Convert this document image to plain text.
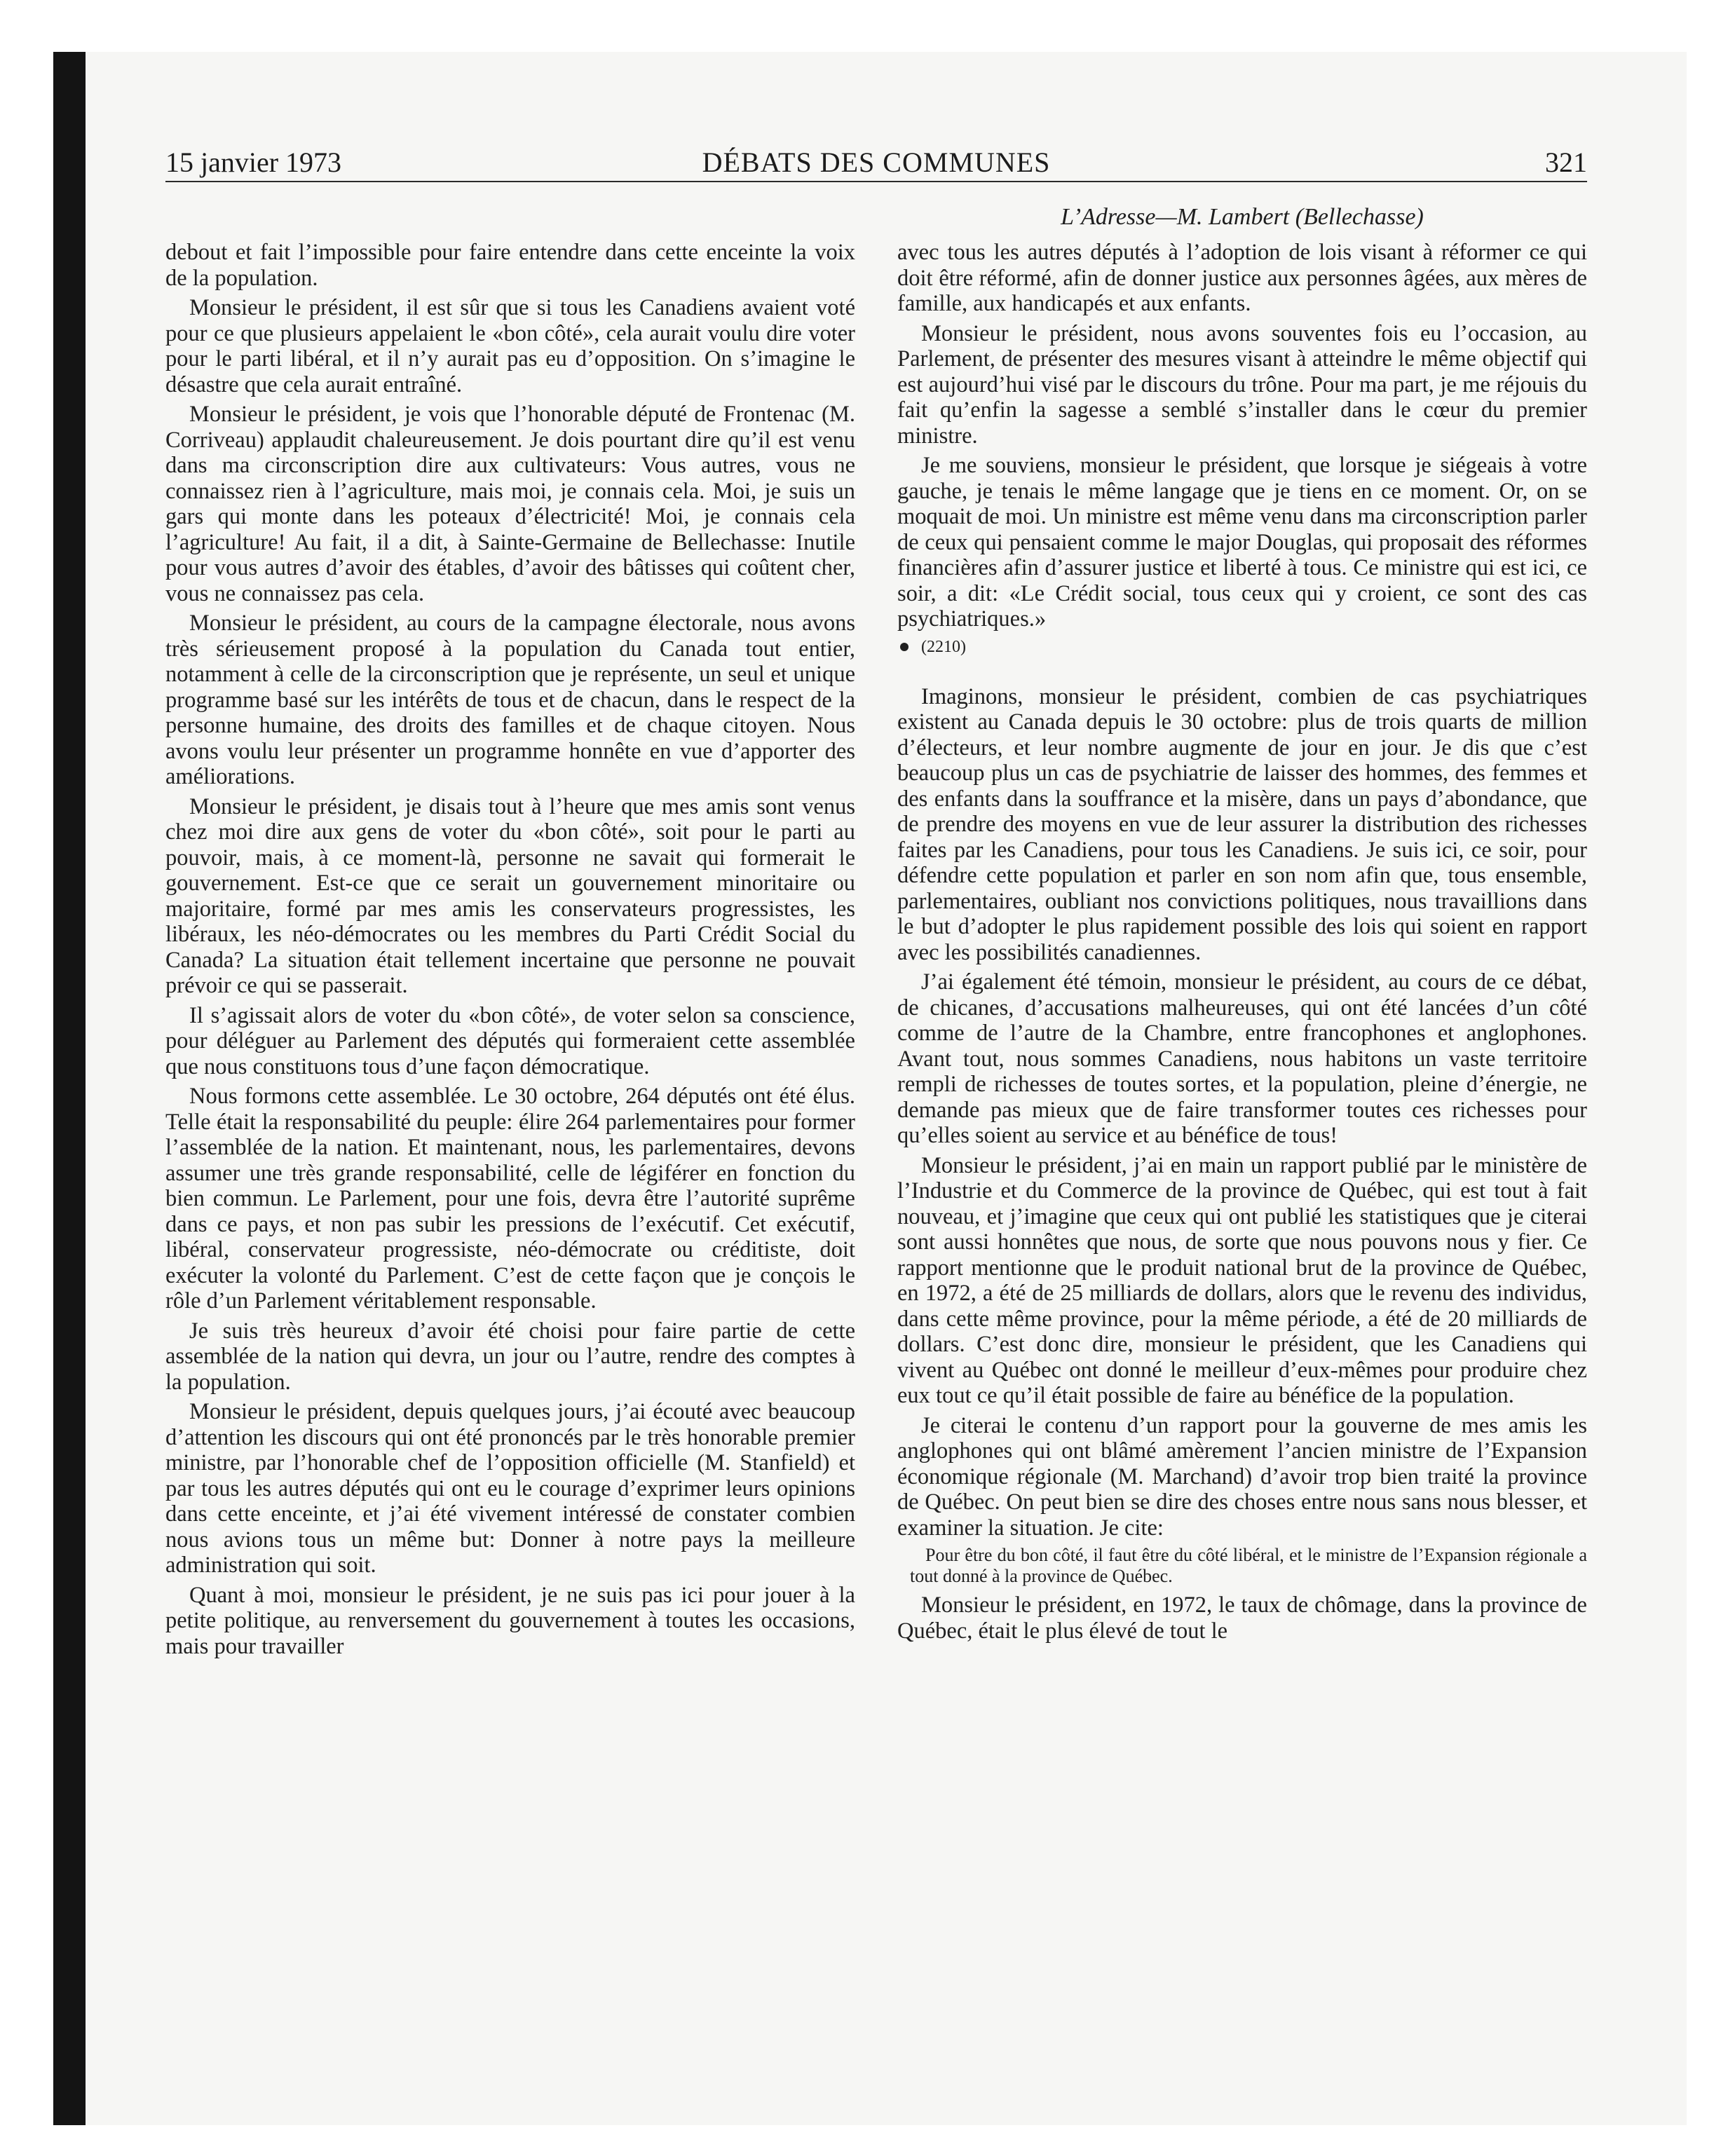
15 janvier 1973	DÉBATS DES COMMUNES	321
L’Adresse—M. Lambert (Bellechasse)

debout et fait l’impossible pour faire entendre dans cette enceinte la voix de la population.

Monsieur le président, il est sûr que si tous les Canadiens avaient voté pour ce que plusieurs appelaient le «bon côté», cela aurait voulu dire voter pour le parti libéral, et il n’y aurait pas eu d’opposition. On s’imagine le désastre que cela aurait entraîné.

Monsieur le président, je vois que l’honorable député de Frontenac (M. Corriveau) applaudit chaleureusement. Je dois pourtant dire qu’il est venu dans ma circonscription dire aux cultivateurs: Vous autres, vous ne connaissez rien à l’agriculture, mais moi, je connais cela. Moi, je suis un gars qui monte dans les poteaux d’électricité! Moi, je connais cela l’agriculture! Au fait, il a dit, à Sainte-Germaine de Bellechasse: Inutile pour vous autres d’avoir des étables, d’avoir des bâtisses qui coûtent cher, vous ne connaissez pas cela.

Monsieur le président, au cours de la campagne électorale, nous avons très sérieusement proposé à la population du Canada tout entier, notamment à celle de la circonscription que je représente, un seul et unique programme basé sur les intérêts de tous et de chacun, dans le respect de la personne humaine, des droits des familles et de chaque citoyen. Nous avons voulu leur présenter un programme honnête en vue d’apporter des améliorations.

Monsieur le président, je disais tout à l’heure que mes amis sont venus chez moi dire aux gens de voter du «bon côté», soit pour le parti au pouvoir, mais, à ce moment-là, personne ne savait qui formerait le gouvernement. Est-ce que ce serait un gouvernement minoritaire ou majoritaire, formé par mes amis les conservateurs progressistes, les libéraux, les néo-démocrates ou les membres du Parti Crédit Social du Canada? La situation était tellement incertaine que personne ne pouvait prévoir ce qui se passerait.

Il s’agissait alors de voter du «bon côté», de voter selon sa conscience, pour déléguer au Parlement des députés qui formeraient cette assemblée que nous constituons tous d’une façon démocratique.

Nous formons cette assemblée. Le 30 octobre, 264 députés ont été élus. Telle était la responsabilité du peuple: élire 264 parlementaires pour former l’assemblée de la nation. Et maintenant, nous, les parlementaires, devons assumer une très grande responsabilité, celle de légiférer en fonction du bien commun. Le Parlement, pour une fois, devra être l’autorité suprême dans ce pays, et non pas subir les pressions de l’exécutif. Cet exécutif, libéral, conservateur progressiste, néo-démocrate ou créditiste, doit exécuter la volonté du Parlement. C’est de cette façon que je conçois le rôle d’un Parlement véritablement responsable.

Je suis très heureux d’avoir été choisi pour faire partie de cette assemblée de la nation qui devra, un jour ou l’autre, rendre des comptes à la population.

Monsieur le président, depuis quelques jours, j’ai écouté avec beaucoup d’attention les discours qui ont été prononcés par le très honorable premier ministre, par l’honorable chef de l’opposition officielle (M. Stanfield) et par tous les autres députés qui ont eu le courage d’exprimer leurs opinions dans cette enceinte, et j’ai été vivement intéressé de constater combien nous avions tous un même but: Donner à notre pays la meilleure administration qui soit.

Quant à moi, monsieur le président, je ne suis pas ici pour jouer à la petite politique, au renversement du gouvernement à toutes les occasions, mais pour travailler

avec tous les autres députés à l’adoption de lois visant à réformer ce qui doit être réformé, afin de donner justice aux personnes âgées, aux mères de famille, aux handicapés et aux enfants.

Monsieur le président, nous avons souventes fois eu l’occasion, au Parlement, de présenter des mesures visant à atteindre le même objectif qui est aujourd’hui visé par le discours du trône. Pour ma part, je me réjouis du fait qu’enfin la sagesse a semblé s’installer dans le cœur du premier ministre.

Je me souviens, monsieur le président, que lorsque je siégeais à votre gauche, je tenais le même langage que je tiens en ce moment. Or, on se moquait de moi. Un ministre est même venu dans ma circonscription parler de ceux qui pensaient comme le major Douglas, qui proposait des réformes financières afin d’assurer justice et liberté à tous. Ce ministre qui est ici, ce soir, a dit: «Le Crédit social, tous ceux qui y croient, ce sont des cas psychiatriques.»

(2210)

Imaginons, monsieur le président, combien de cas psychiatriques existent au Canada depuis le 30 octobre: plus de trois quarts de million d’électeurs, et leur nombre augmente de jour en jour. Je dis que c’est beaucoup plus un cas de psychiatrie de laisser des hommes, des femmes et des enfants dans la souffrance et la misère, dans un pays d’abondance, que de prendre des moyens en vue de leur assurer la distribution des richesses faites par les Canadiens, pour tous les Canadiens. Je suis ici, ce soir, pour défendre cette population et parler en son nom afin que, tous ensemble, parlementaires, oubliant nos convictions politiques, nous travaillions dans le but d’adopter le plus rapidement possible des lois qui soient en rapport avec les possibilités canadiennes.

J’ai également été témoin, monsieur le président, au cours de ce débat, de chicanes, d’accusations malheureuses, qui ont été lancées d’un côté comme de l’autre de la Chambre, entre francophones et anglophones. Avant tout, nous sommes Canadiens, nous habitons un vaste territoire rempli de richesses de toutes sortes, et la population, pleine d’énergie, ne demande pas mieux que de faire transformer toutes ces richesses pour qu’elles soient au service et au bénéfice de tous!

Monsieur le président, j’ai en main un rapport publié par le ministère de l’Industrie et du Commerce de la province de Québec, qui est tout à fait nouveau, et j’imagine que ceux qui ont publié les statistiques que je citerai sont aussi honnêtes que nous, de sorte que nous pouvons nous y fier. Ce rapport mentionne que le produit national brut de la province de Québec, en 1972, a été de 25 milliards de dollars, alors que le revenu des individus, dans cette même province, pour la même période, a été de 20 milliards de dollars. C’est donc dire, monsieur le président, que les Canadiens qui vivent au Québec ont donné le meilleur d’eux-mêmes pour produire chez eux tout ce qu’il était possible de faire au bénéfice de la population.

Je citerai le contenu d’un rapport pour la gouverne de mes amis les anglophones qui ont blâmé amèrement l’ancien ministre de l’Expansion économique régionale (M. Marchand) d’avoir trop bien traité la province de Québec. On peut bien se dire des choses entre nous sans nous blesser, et examiner la situation. Je cite:

Pour être du bon côté, il faut être du côté libéral, et le ministre de l’Expansion régionale a tout donné à la province de Québec.

Monsieur le président, en 1972, le taux de chômage, dans la province de Québec, était le plus élevé de tout le
